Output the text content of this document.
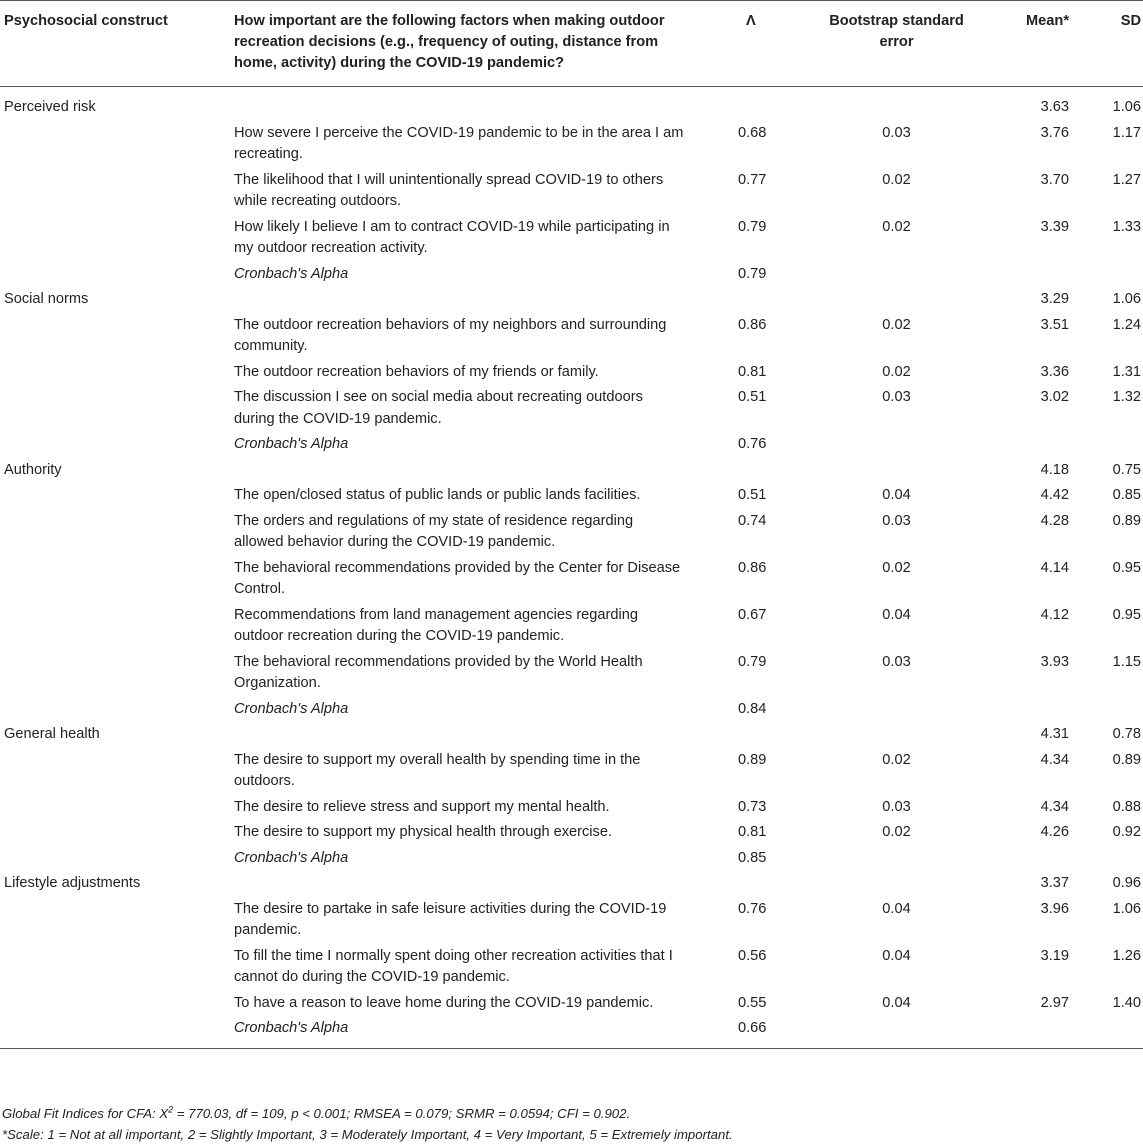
Psychosocial construct	How important are the following factors when making outdoor recreation decisions (e.g., frequency of outing, distance from home, activity) during the COVID-19 pandemic?	Λ	Bootstrap standard error	Mean*	SD
Perceived risk				3.63	1.06

	How severe I perceive the COVID-19 pandemic to be in the area I am recreating.	0.68	0.03	3.76	1.17

	The likelihood that I will unintentionally spread COVID-19 to others while recreating outdoors.	0.77	0.02	3.70	1.27

	How likely I believe I am to contract COVID-19 while participating in my outdoor recreation activity.	0.79	0.02	3.39	1.33
	Cronbach's Alpha	0.79			
Social norms				3.29	1.06

	The outdoor recreation behaviors of my neighbors and surrounding community.	0.86	0.02	3.51	1.24

	The outdoor recreation behaviors of my friends or family.	0.81	0.02	3.36	1.31

	The discussion I see on social media about recreating outdoors during the COVID-19 pandemic.	0.51	0.03	3.02	1.32
	Cronbach's Alpha	0.76			
Authority				4.18	0.75

	The open/closed status of public lands or public lands facilities.	0.51	0.04	4.42	0.85

	The orders and regulations of my state of residence regarding allowed behavior during the COVID-19 pandemic.	0.74	0.03	4.28	0.89

	The behavioral recommendations provided by the Center for Disease Control.	0.86	0.02	4.14	0.95

	Recommendations from land management agencies regarding outdoor recreation during the COVID-19 pandemic.	0.67	0.04	4.12	0.95

	The behavioral recommendations provided by the World Health Organization.	0.79	0.03	3.93	1.15
	Cronbach's Alpha	0.84			
General health				4.31	0.78

	The desire to support my overall health by spending time in the outdoors.	0.89	0.02	4.34	0.89

	The desire to relieve stress and support my mental health.	0.73	0.03	4.34	0.88

	The desire to support my physical health through exercise.	0.81	0.02	4.26	0.92
	Cronbach's Alpha	0.85			
Lifestyle adjustments				3.37	0.96

	The desire to partake in safe leisure activities during the COVID-19 pandemic.	0.76	0.04	3.96	1.06

	To fill the time I normally spent doing other recreation activities that I cannot do during the COVID-19 pandemic.	0.56	0.04	3.19	1.26

	To have a reason to leave home during the COVID-19 pandemic.	0.55	0.04	2.97	1.40
	Cronbach's Alpha	0.66			
Global Fit Indices for CFA: $X^2 = 770.03$, df = 109, p < 0.001; RMSEA = 0.079; SRMR = 0.0594; CFI = 0.902.
*Scale: 1 = Not at all important, 2 = Slightly Important, 3 = Moderately Important, 4 = Very Important, 5 = Extremely important.
